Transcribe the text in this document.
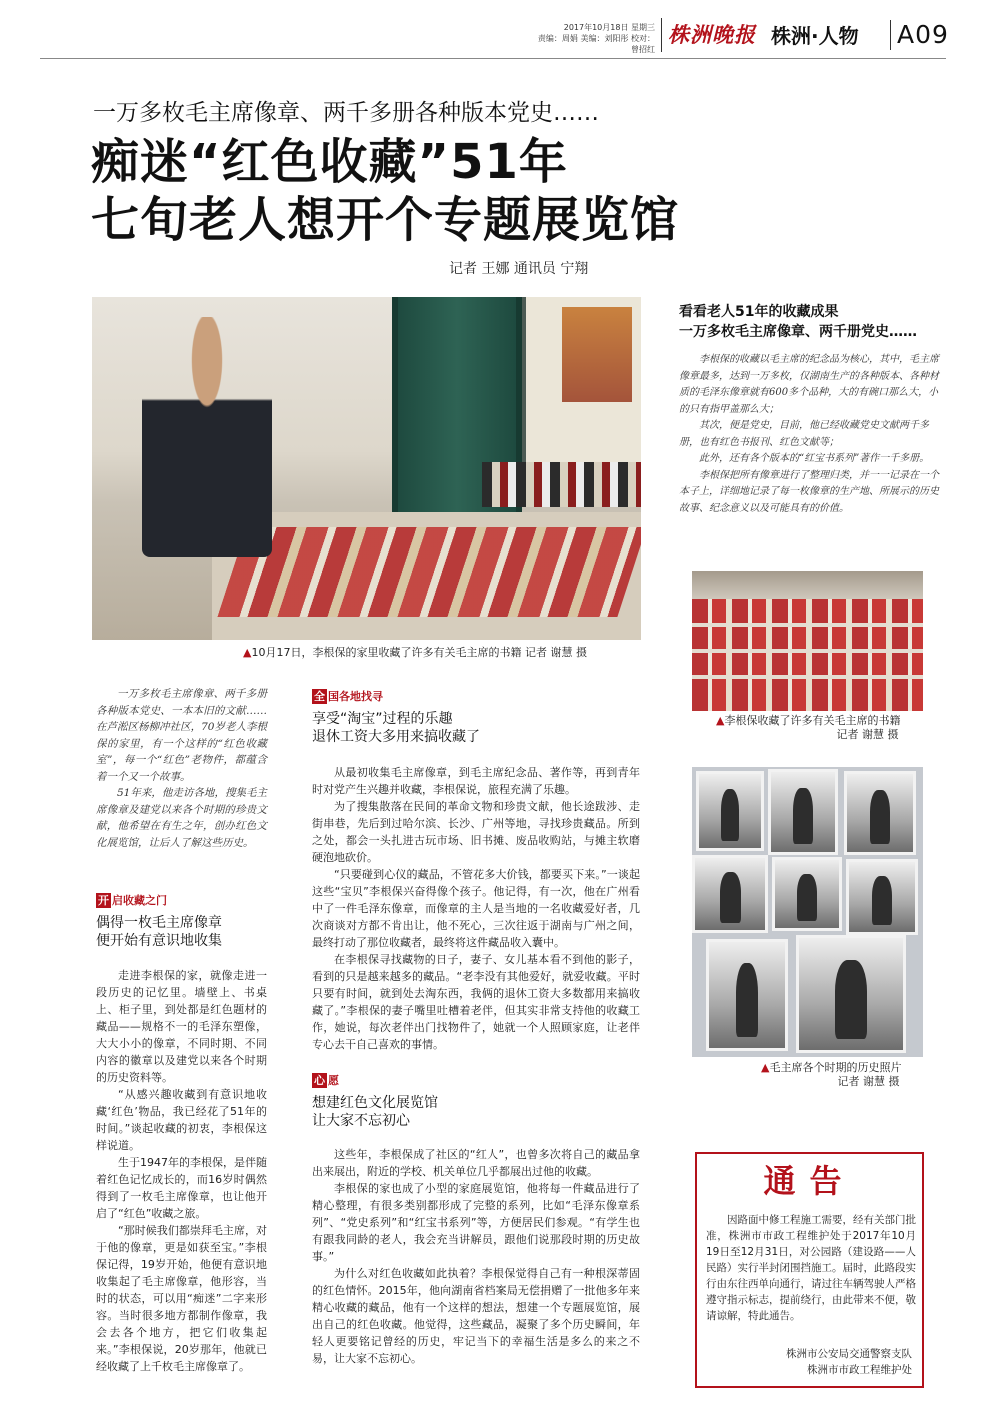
2017年10月18日 星期三
责编：周娟 美编：刘阳彤 校对：曾招红
株洲晚报 株洲·人物 A09
一万多枚毛主席像章、两千多册各种版本党史……
痴迷“红色收藏”51年
七旬老人想开个专题展览馆
记者 王娜 通讯员 宁翔
▲10月17日，李根保的家里收藏了许多有关毛主席的书籍 记者 谢慧 摄
看看老人51年的收藏成果
一万多枚毛主席像章、两千册党史……

李根保的收藏以毛主席的纪念品为核心，其中，毛主席像章最多，达到一万多枚，仅湖南生产的各种版本、各种材质的毛泽东像章就有600多个品种，大的有碗口那么大，小的只有指甲盖那么大；

其次，便是党史，目前，他已经收藏党史文献两千多册，也有红色书报刊、红色文献等；

此外，还有各个版本的“红宝书系列”著作一千多册。

李根保把所有像章进行了整理归类，并一一记录在一个本子上，详细地记录了每一枚像章的生产地、所展示的历史故事、纪念意义以及可能具有的价值。

▲李根保收藏了许多有关毛主席的书籍
记者 谢慧 摄
▲毛主席各个时期的历史照片
记者 谢慧 摄

一万多枚毛主席像章、两千多册各种版本党史、一本本旧的文献……在芦淞区杨柳冲社区，70岁老人李根保的家里，有一个这样的“红色收藏室”，每一个“红色”老物件，都蕴含着一个又一个故事。

51年来，他走访各地，搜集毛主席像章及建党以来各个时期的珍贵文献，他希望在有生之年，创办红色文化展览馆，让后人了解这些历史。

开 启收藏之门
偶得一枚毛主席像章
便开始有意识地收集

走进李根保的家，就像走进一段历史的记忆里。墙壁上、书桌上、柜子里，到处都是红色题材的藏品——规格不一的毛泽东塑像，大大小小的像章，不同时期、不同内容的徽章以及建党以来各个时期的历史资料等。

“从感兴趣收藏到有意识地收藏‘红色’物品，我已经花了51年的时间。”谈起收藏的初衷，李根保这样说道。

生于1947年的李根保，是伴随着红色记忆成长的，而16岁时偶然得到了一枚毛主席像章，也让他开启了“红色”收藏之旅。

“那时候我们都崇拜毛主席，对于他的像章，更是如获至宝。”李根保记得，19岁开始，他便有意识地收集起了毛主席像章，他形容，当时的状态，可以用“痴迷”二字来形容。当时很多地方都制作像章，我会去各个地方，把它们收集起来。”李根保说，20岁那年，他就已经收藏了上千枚毛主席像章了。

全 国各地找寻
享受“淘宝”过程的乐趣
退休工资大多用来搞收藏了

从最初收集毛主席像章，到毛主席纪念品、著作等，再到青年时对党产生兴趣并收藏，李根保说，旅程充满了乐趣。

为了搜集散落在民间的革命文物和珍贵文献，他长途跋涉、走街串巷，先后到过哈尔滨、长沙、广州等地，寻找珍贵藏品。所到之处，都会一头扎进古玩市场、旧书摊、废品收购站，与摊主软磨硬泡地砍价。

“只要碰到心仪的藏品，不管花多大价钱，都要买下来。”一谈起这些“宝贝”李根保兴奋得像个孩子。他记得，有一次，他在广州看中了一件毛泽东像章，而像章的主人是当地的一名收藏爱好者，几次商谈对方都不肯出让，他不死心，三次往返于湖南与广州之间，最终打动了那位收藏者，最终将这件藏品收入囊中。

在李根保寻找藏物的日子，妻子、女儿基本看不到他的影子，看到的只是越来越多的藏品。“老李没有其他爱好，就爱收藏。平时只要有时间，就到处去淘东西，我俩的退休工资大多数都用来搞收藏了。”李根保的妻子嘴里吐槽着老伴，但其实非常支持他的收藏工作，她说，每次老伴出门找物件了，她就一个人照顾家庭，让老伴专心去干自己喜欢的事情。

心 愿
想建红色文化展览馆
让大家不忘初心

这些年，李根保成了社区的“红人”，也曾多次将自己的藏品拿出来展出，附近的学校、机关单位几乎都展出过他的收藏。

李根保的家也成了小型的家庭展览馆，他将每一件藏品进行了精心整理，有很多类别都形成了完整的系列，比如“毛泽东像章系列”、“党史系列”和“红宝书系列”等，方便居民们参观。“有学生也有跟我同龄的老人，我会充当讲解员，跟他们说那段时期的历史故事。”

为什么对红色收藏如此执着？李根保觉得自己有一种根深蒂固的红色情怀。2015年，他向湖南省档案局无偿捐赠了一批他多年来精心收藏的藏品，他有一个这样的想法，想建一个专题展览馆，展出自己的红色收藏。他觉得，这些藏品，凝聚了多个历史瞬间，年轻人更要铭记曾经的历史，牢记当下的幸福生活是多么的来之不易，让大家不忘初心。

通告

因路面中修工程施工需要，经有关部门批准，株洲市市政工程维护处于2017年10月19日至12月31日，对公园路（建设路——人民路）实行半封闭围挡施工。届时，此路段实行由东往西单向通行，请过往车辆驾驶人严格遵守指示标志，提前绕行，由此带来不便，敬请谅解，特此通告。

株洲市公安局交通警察支队
株洲市市政工程维护处
